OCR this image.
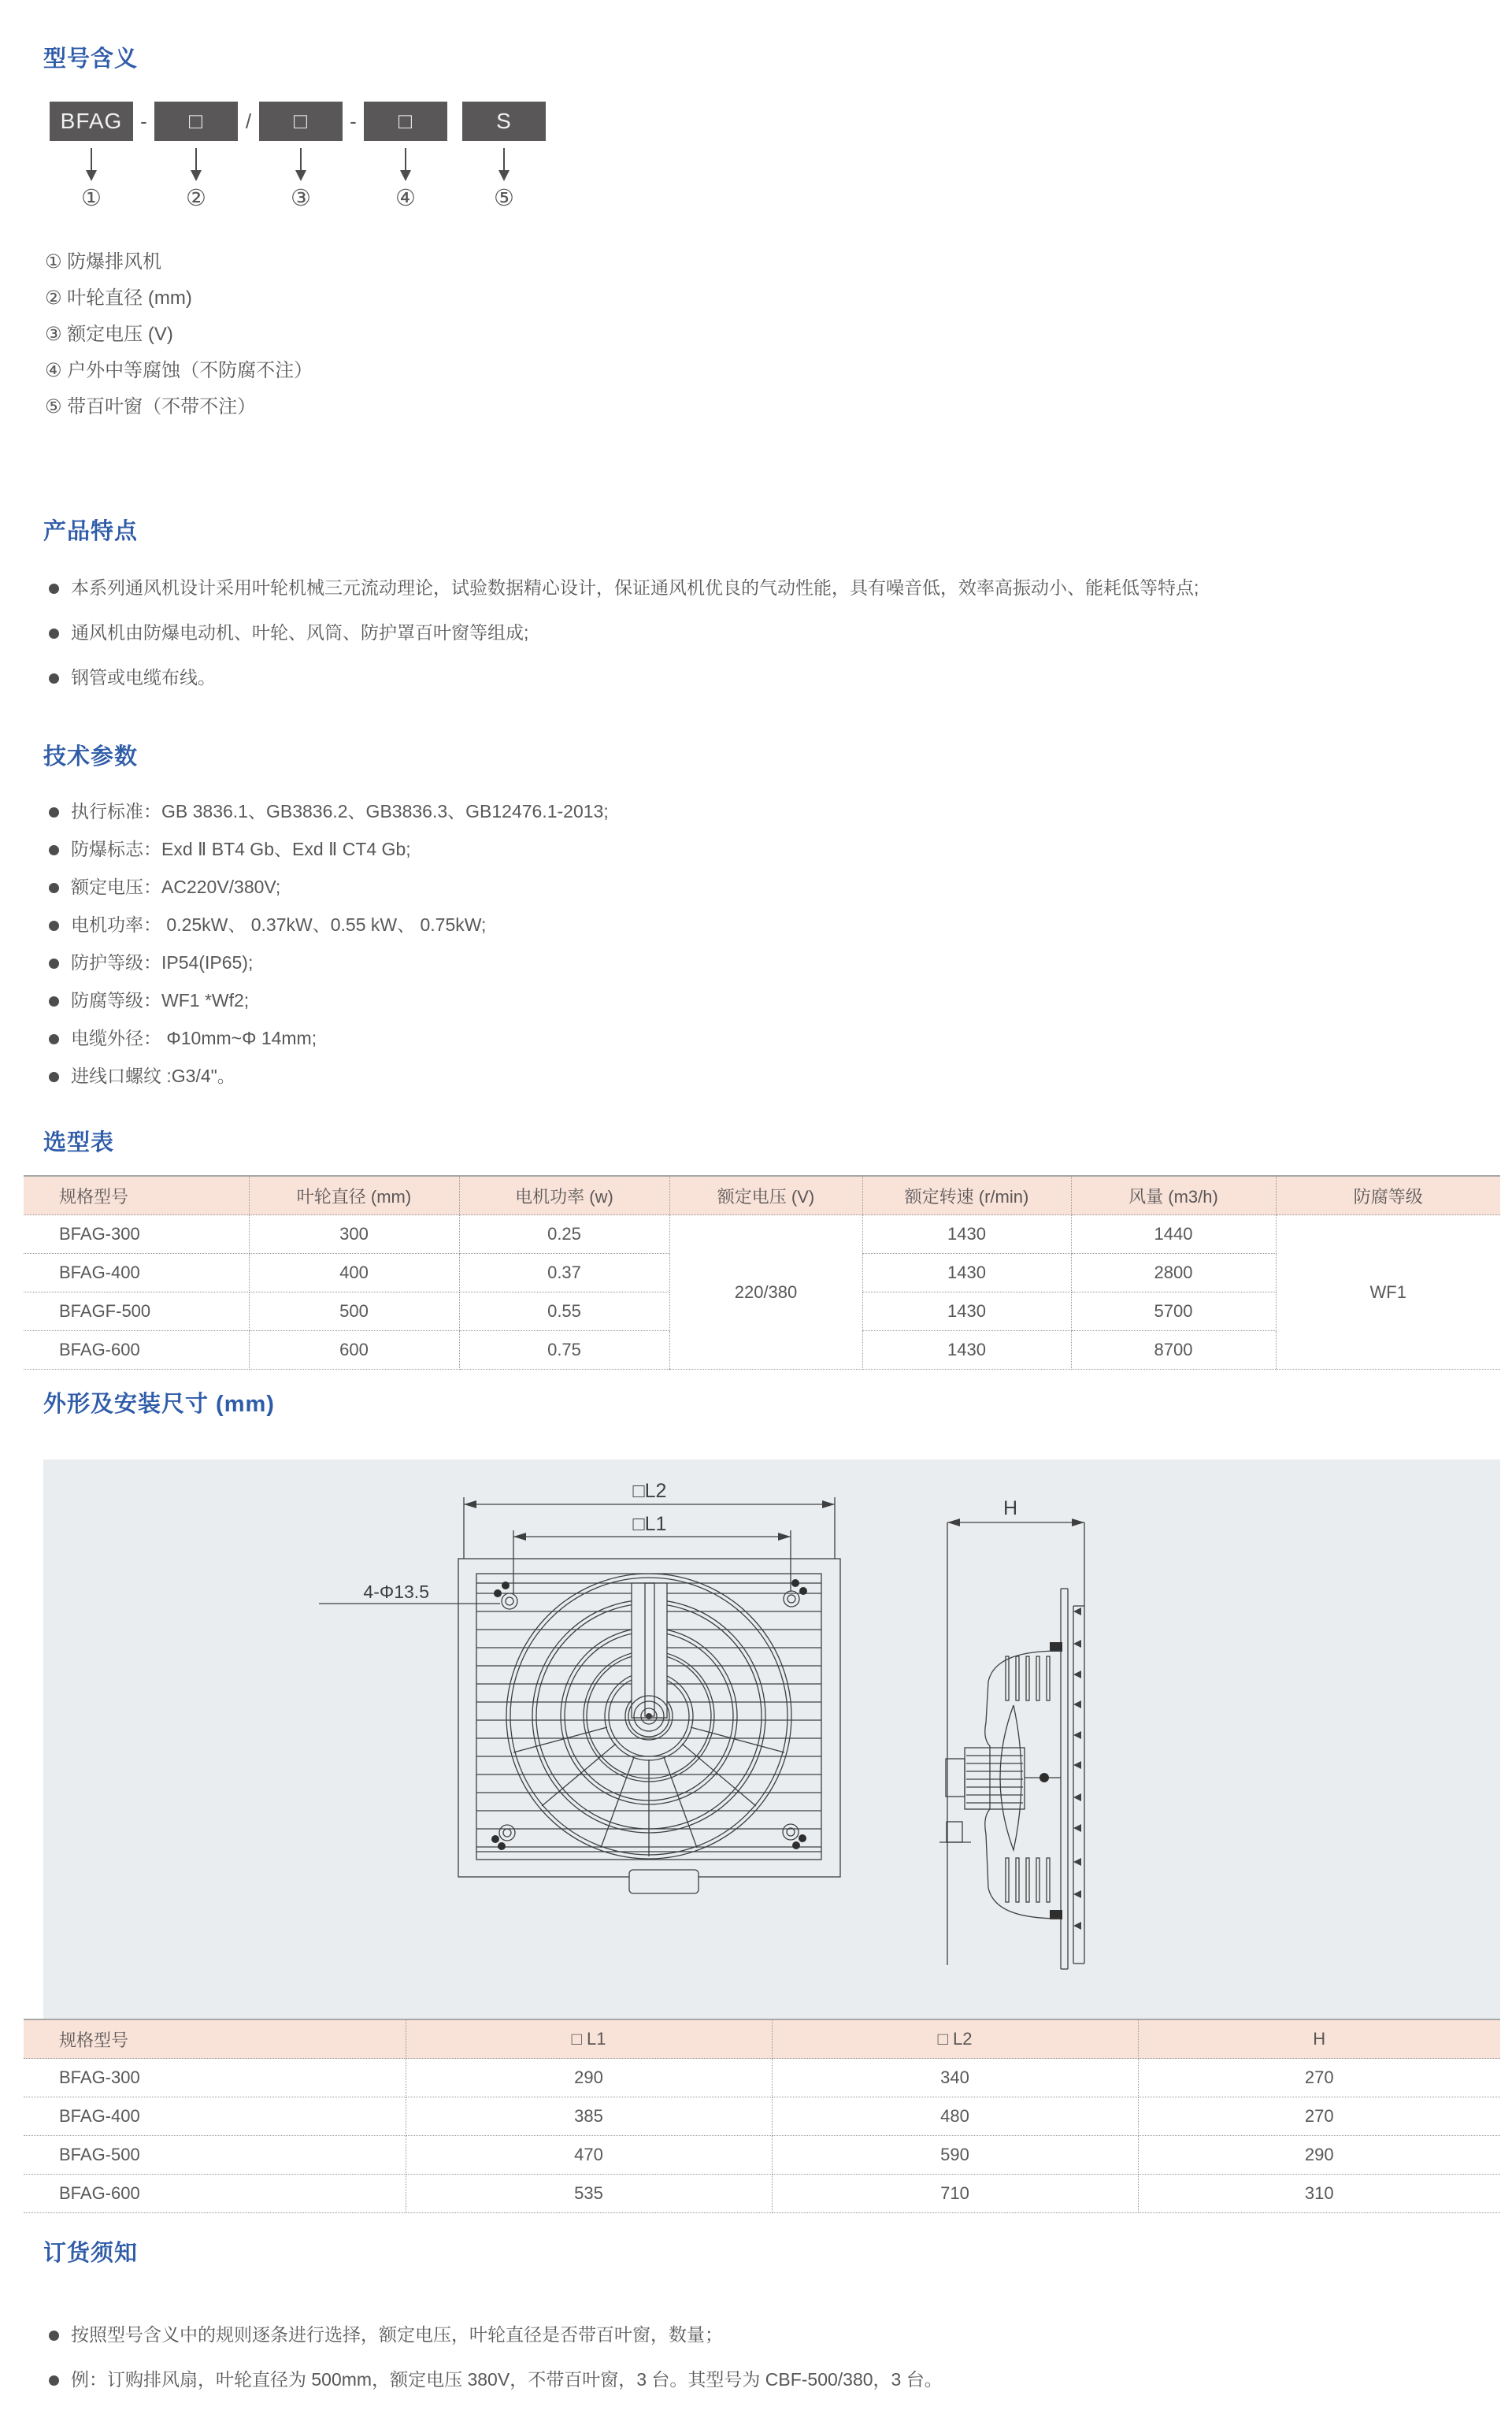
型号含义
BFAG -	□	/	□	-	□	S
①	②	③	④	⑤
① 防爆排风机
② 叶轮直径 (mm)
③ 额定电压 (V)
④ 户外中等腐蚀（不防腐不注）
⑤ 带百叶窗（不带不注）
产品特点
本系列通风机设计采用叶轮机械三元流动理论，试验数据精心设计，保证通风机优良的气动性能，具有噪音低，效率高振动小、能耗低等特点;
通风机由防爆电动机、叶轮、风筒、防护罩百叶窗等组成;
钢管或电缆布线。
技术参数
执行标准：GB 3836.1、GB3836.2、GB3836.3、GB12476.1-2013;
防爆标志：Exd Ⅱ BT4 Gb、Exd Ⅱ CT4 Gb;
额定电压：AC220V/380V;
电机功率： 0.25kW、 0.37kW、0.55 kW、 0.75kW;
防护等级：IP54(IP65);
防腐等级：WF1 *Wf2;
电缆外径： Φ10mm~Φ 14mm;
进线口螺纹 :G3/4"。
选型表
规格型号	叶轮直径 (mm)	电机功率 (w)	额定电压 (V)	额定转速 (r/min)	风量 (m3/h)	防腐等级
BFAG-300	300	0.25	220/380	1430	1440	WF1
BFAG-400	400	0.37		1430	2800	
BFAGF-500	500	0.55		1430	5700	
BFAG-600	600	0.75		1430	8700	
外形及安装尺寸 (mm)
□L2
□L1
4-Φ13.5
H
规格型号	□ L1	□ L2	H
BFAG-300	290	340	270
BFAG-400	385	480	270
BFAG-500	470	590	290
BFAG-600	535	710	310
订货须知
按照型号含义中的规则逐条进行选择，额定电压，叶轮直径是否带百叶窗，数量；
例：订购排风扇，叶轮直径为 500mm，额定电压 380V，不带百叶窗，3 台。其型号为 CBF-500/380，3 台。
